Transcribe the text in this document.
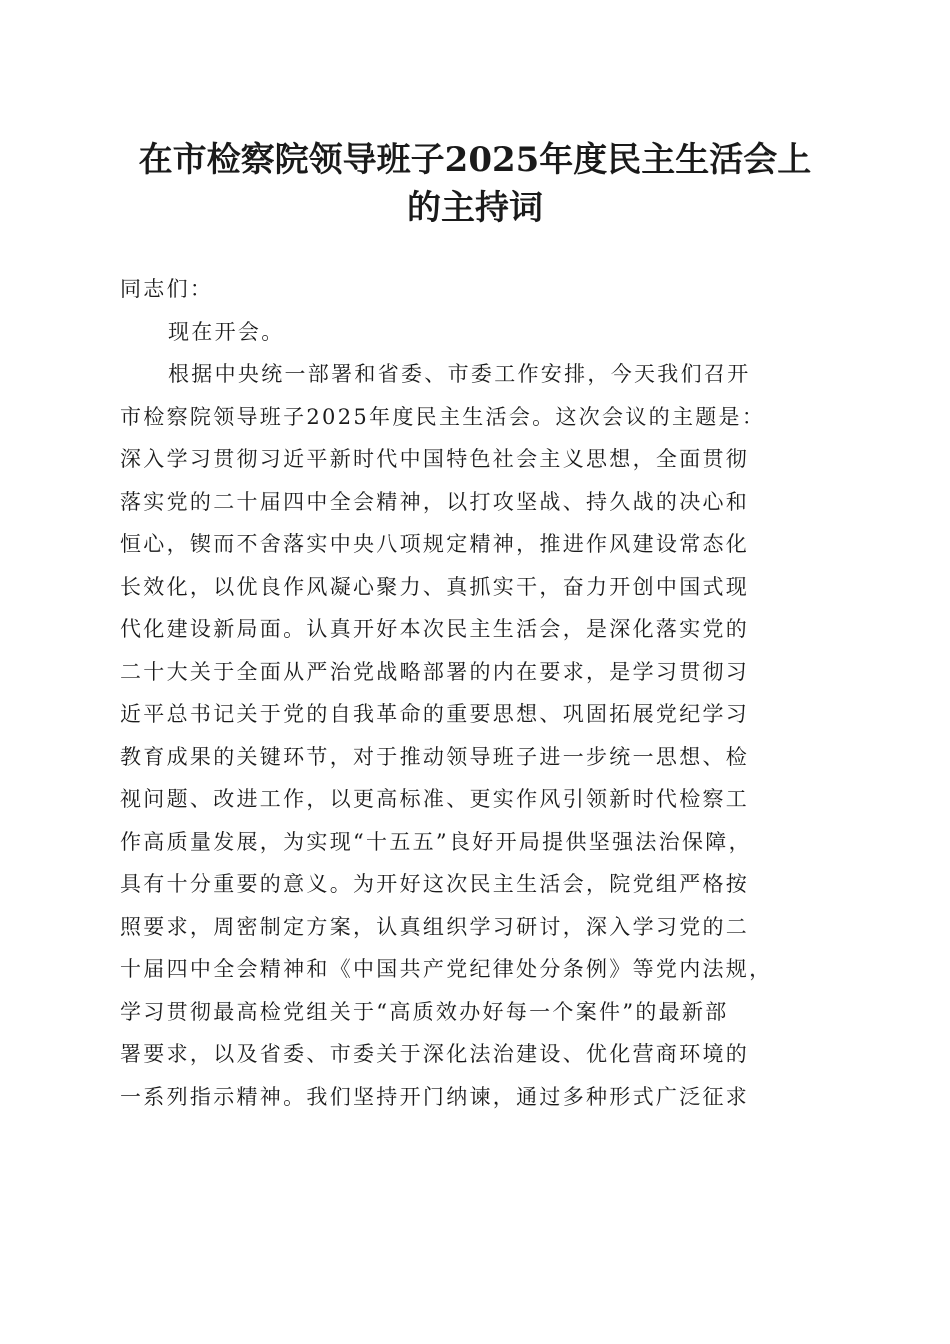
在市检察院领导班子2025年度民主生活会上
的主持词
同志们：
现在开会。
根据中央统一部署和省委、市委工作安排，今天我们召开
市检察院领导班子2025年度民主生活会。这次会议的主题是：
深入学习贯彻习近平新时代中国特色社会主义思想，全面贯彻
落实党的二十届四中全会精神，以打攻坚战、持久战的决心和
恒心，锲而不舍落实中央八项规定精神，推进作风建设常态化
长效化，以优良作风凝心聚力、真抓实干，奋力开创中国式现
代化建设新局面。认真开好本次民主生活会，是深化落实党的
二十大关于全面从严治党战略部署的内在要求，是学习贯彻习
近平总书记关于党的自我革命的重要思想、巩固拓展党纪学习
教育成果的关键环节，对于推动领导班子进一步统一思想、检
视问题、改进工作，以更高标准、更实作风引领新时代检察工
作高质量发展，为实现“十五五”良好开局提供坚强法治保障，
具有十分重要的意义。为开好这次民主生活会，院党组严格按
照要求，周密制定方案，认真组织学习研讨，深入学习党的二
十届四中全会精神和《中国共产党纪律处分条例》等党内法规，
学习贯彻最高检党组关于“高质效办好每一个案件”的最新部
署要求，以及省委、市委关于深化法治建设、优化营商环境的
一系列指示精神。我们坚持开门纳谏，通过多种形式广泛征求
